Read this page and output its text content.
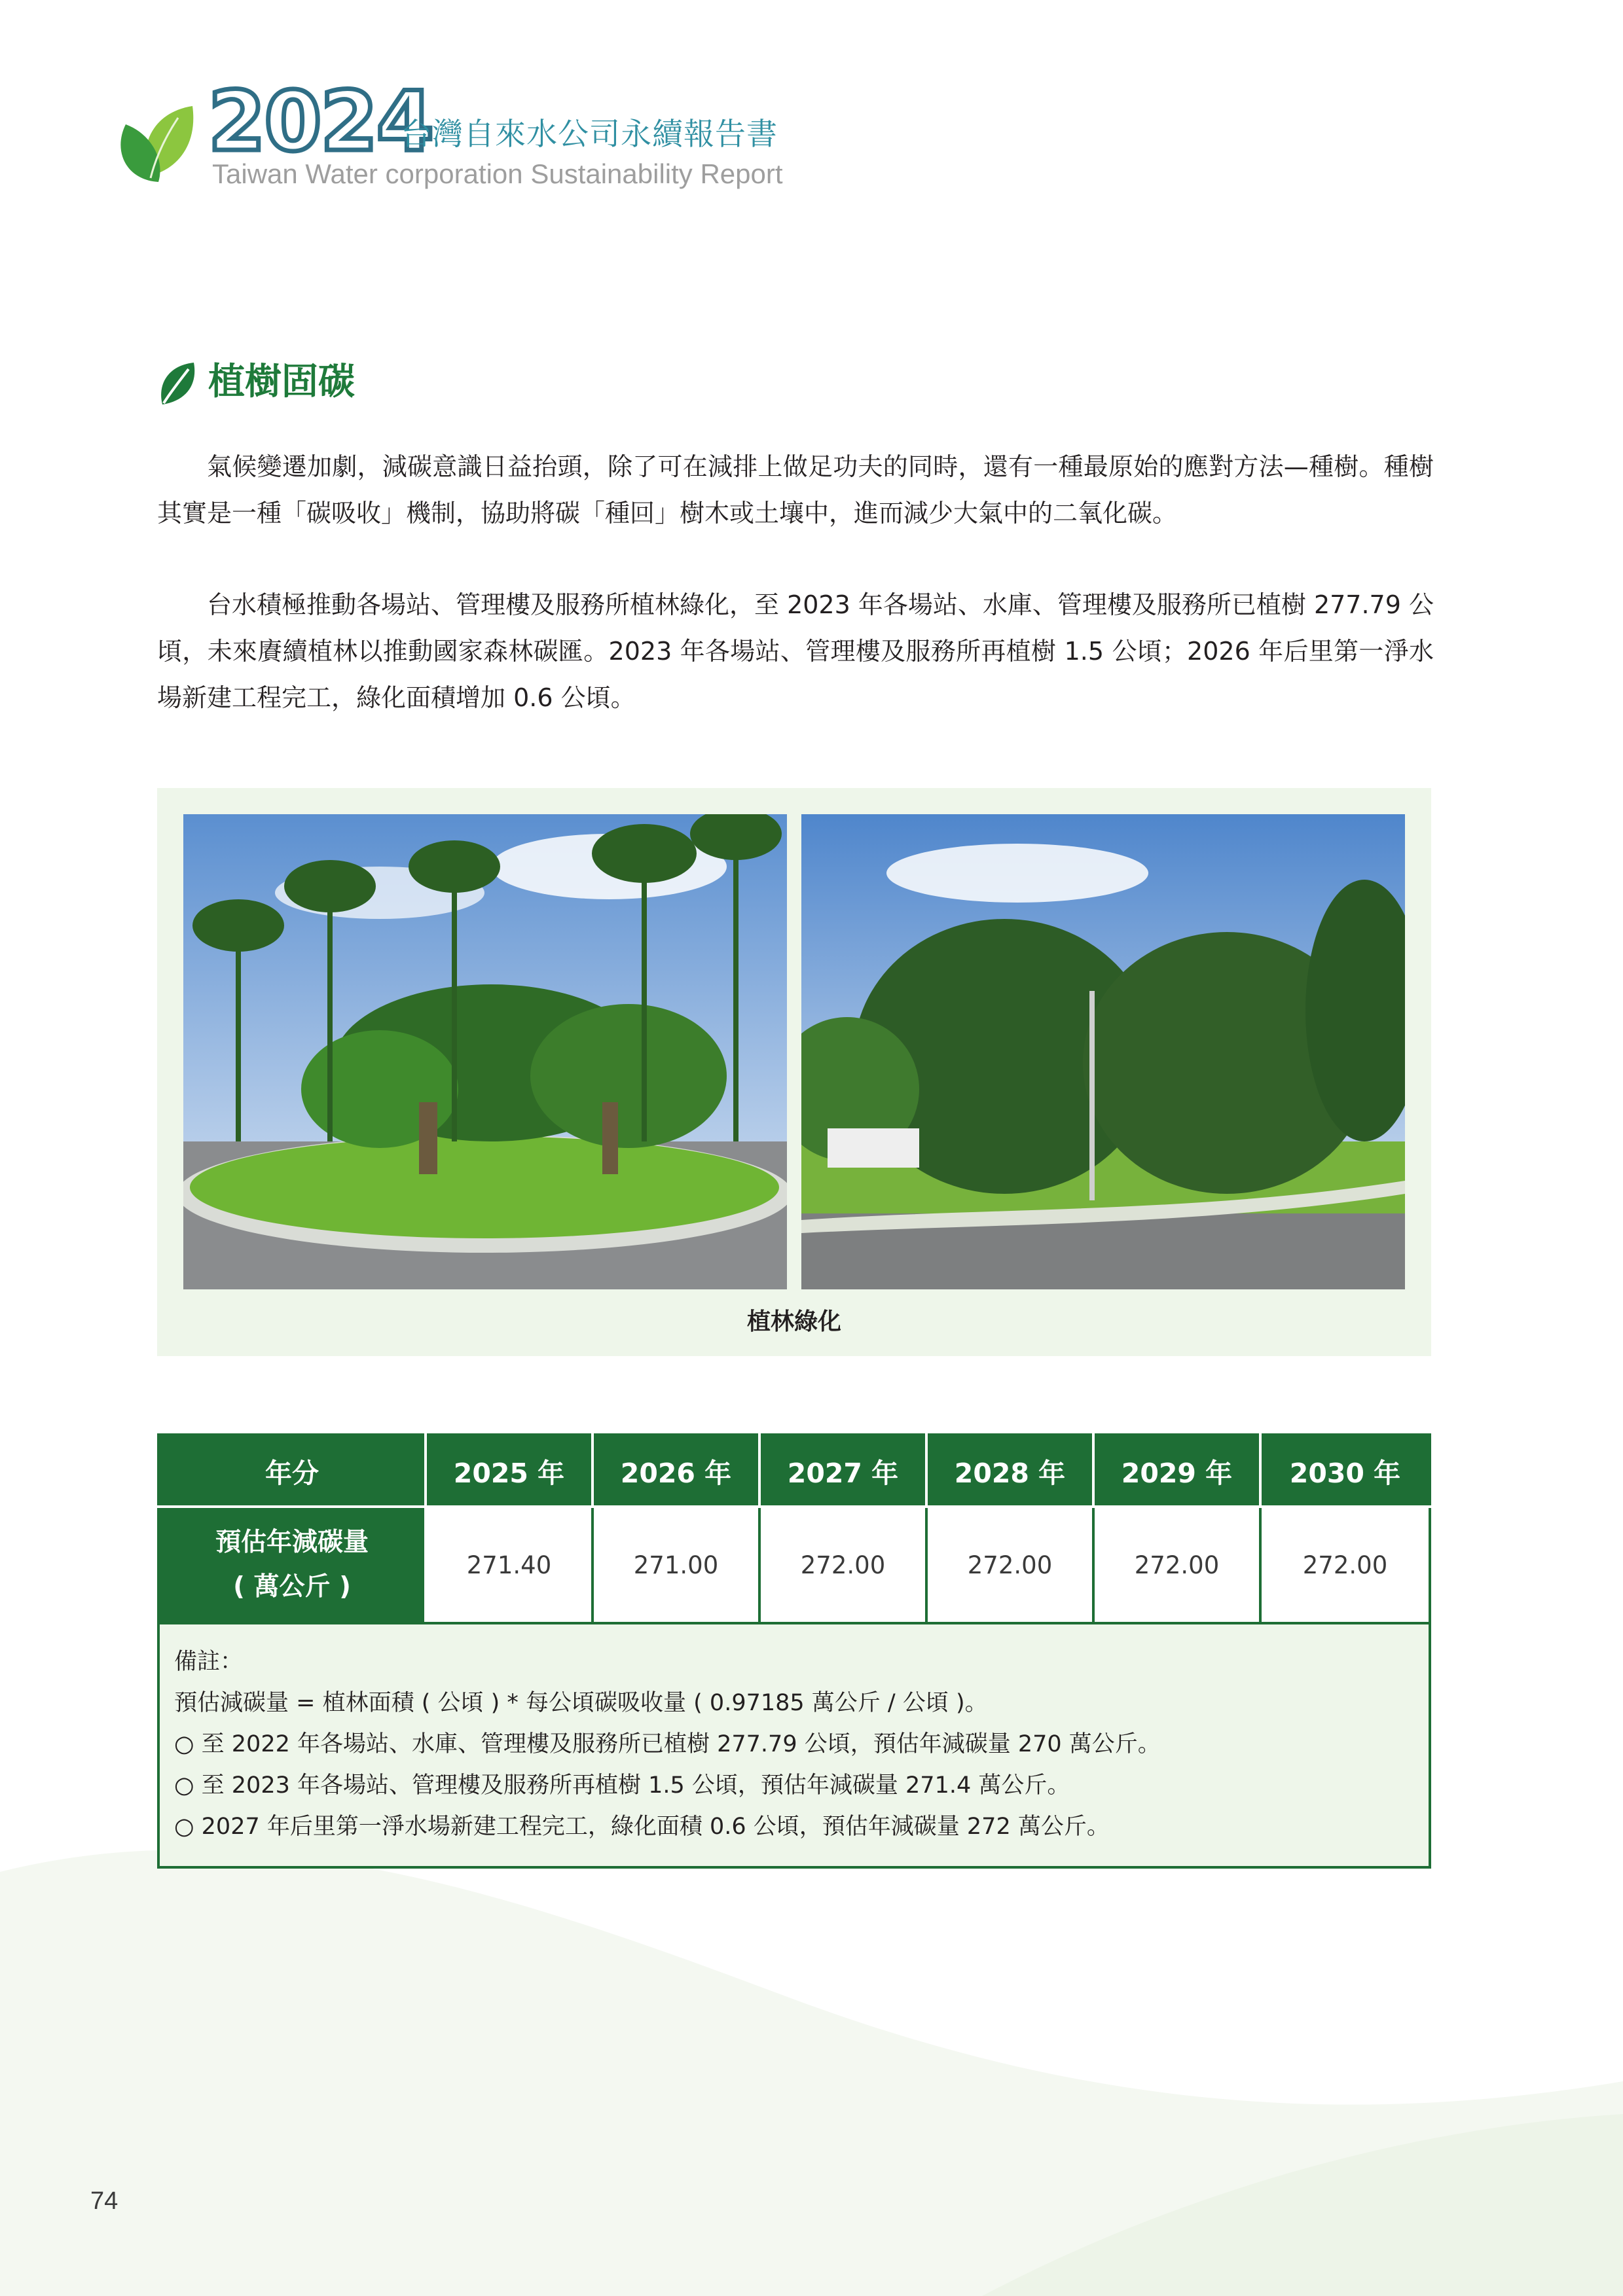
2024
台灣自來水公司永續報告書
Taiwan Water corporation Sustainability Report
植樹固碳

氣候變遷加劇，減碳意識日益抬頭，除了可在減排上做足功夫的同時，還有一種最原始的應對方法—種樹。種樹其實是一種「碳吸收」機制，協助將碳「種回」樹木或土壤中，進而減少大氣中的二氧化碳。

台水積極推動各場站、管理樓及服務所植林綠化，至 2023 年各場站、水庫、管理樓及服務所已植樹 277.79 公頃，未來賡續植林以推動國家森林碳匯。2023 年各場站、管理樓及服務所再植樹 1.5 公頃；2026 年后里第一淨水場新建工程完工，綠化面積增加 0.6 公頃。

植林綠化
年分	2025 年	2026 年	2027 年	2028 年	2029 年	2030 年

預估年減碳量
( 萬公斤 )	271.40	271.00	272.00	272.00	272.00	272.00

備註：
預估減碳量 = 植林面積 ( 公頃 ) * 每公頃碳吸收量 ( 0.97185 萬公斤 / 公頃 )。
○ 至 2022 年各場站、水庫、管理樓及服務所已植樹 277.79 公頃，預估年減碳量 270 萬公斤。
○ 至 2023 年各場站、管理樓及服務所再植樹 1.5 公頃，預估年減碳量 271.4 萬公斤。
○ 2027 年后里第一淨水場新建工程完工，綠化面積 0.6 公頃，預估年減碳量 272 萬公斤。						
74
